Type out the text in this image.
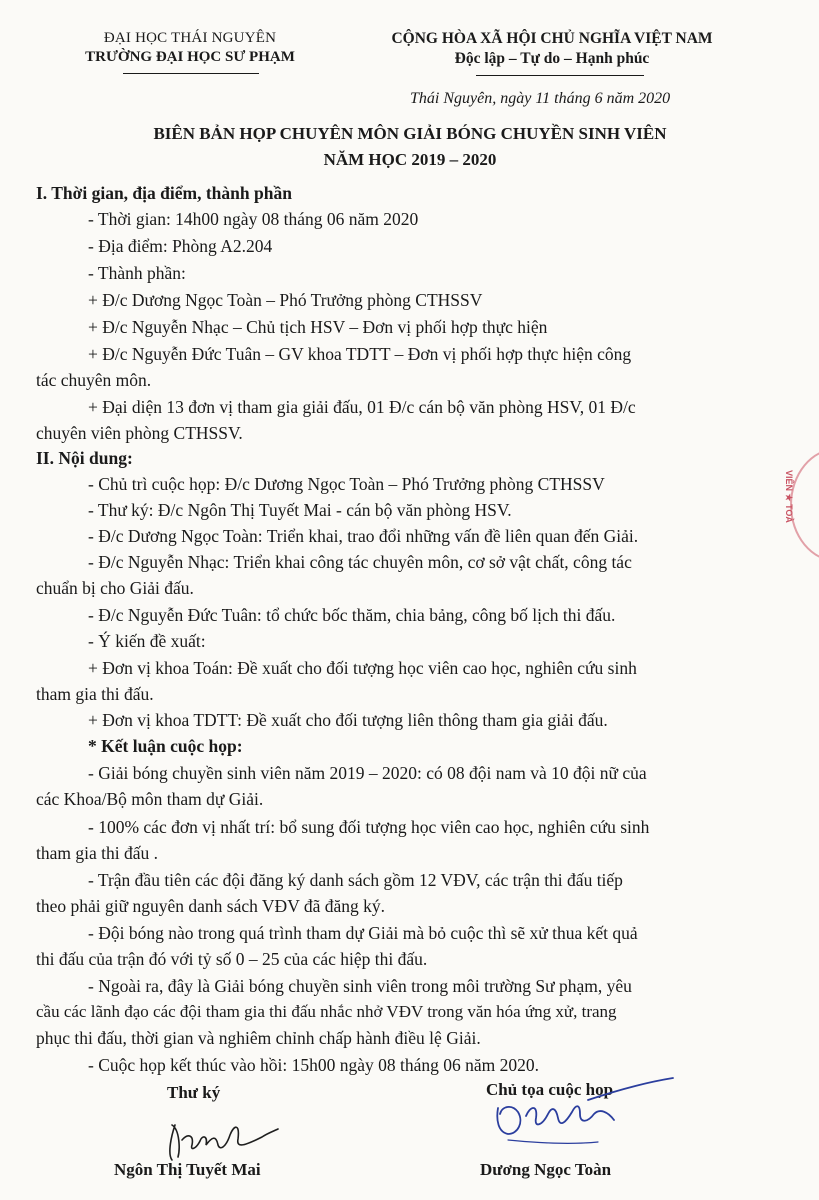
ĐẠI HỌC THÁI NGUYÊN
TRƯỜNG ĐẠI HỌC SƯ PHẠM
CỘNG HÒA XÃ HỘI CHỦ NGHĨA VIỆT NAM
Độc lập – Tự do – Hạnh phúc
Thái Nguyên, ngày 11 tháng 6 năm 2020
BIÊN BẢN HỌP CHUYÊN MÔN GIẢI BÓNG CHUYỀN SINH VIÊN
NĂM HỌC 2019 – 2020
I. Thời gian, địa điểm, thành phần
- Thời gian: 14h00 ngày 08 tháng 06 năm 2020
- Địa điểm: Phòng A2.204
- Thành phần:
+ Đ/c Dương Ngọc Toàn – Phó Trưởng phòng CTHSSV
+ Đ/c Nguyễn Nhạc – Chủ tịch HSV – Đơn vị phối hợp thực hiện
+ Đ/c Nguyễn Đức Tuân – GV khoa TDTT – Đơn vị phối hợp thực hiện công
tác chuyên môn.
+ Đại diện 13 đơn vị tham gia giải đấu, 01 Đ/c cán bộ văn phòng HSV, 01 Đ/c
chuyên viên phòng CTHSSV.
II. Nội dung:
- Chủ trì cuộc họp: Đ/c Dương Ngọc Toàn – Phó Trưởng phòng CTHSSV
- Thư ký: Đ/c Ngôn Thị Tuyết Mai - cán bộ văn phòng HSV.
- Đ/c Dương Ngọc Toàn: Triển khai, trao đổi những vấn đề liên quan đến Giải.
- Đ/c Nguyễn Nhạc: Triển khai công tác chuyên môn, cơ sở vật chất, công tác
chuẩn bị cho Giải đấu.
- Đ/c Nguyễn Đức Tuân: tổ chức bốc thăm, chia bảng, công bố lịch thi đấu.
- Ý kiến đề xuất:
+ Đơn vị khoa Toán: Đề xuất cho đối tượng học viên cao học, nghiên cứu sinh
tham gia thi đấu.
+ Đơn vị khoa TDTT: Đề xuất cho đối tượng liên thông tham gia giải đấu.
* Kết luận cuộc họp:
- Giải bóng chuyền sinh viên năm 2019 – 2020: có 08 đội nam và 10 đội nữ của
các Khoa/Bộ môn tham dự Giải.
- 100% các đơn vị nhất trí: bổ sung đối tượng học viên cao học, nghiên cứu sinh
tham gia thi đấu .
- Trận đầu tiên các đội đăng ký danh sách gồm 12 VĐV, các trận thi đấu tiếp
theo phải giữ nguyên danh sách VĐV đã đăng ký.
- Đội bóng nào trong quá trình tham dự Giải mà bỏ cuộc thì sẽ xử thua kết quả
thi đấu của trận đó với tỷ số 0 – 25 của các hiệp thi đấu.
- Ngoài ra, đây là Giải bóng chuyền sinh viên trong môi trường Sư phạm, yêu
cầu các lãnh đạo các đội tham gia thi đấu nhắc nhở VĐV trong văn hóa ứng xử, trang
phục thi đấu, thời gian và nghiêm chỉnh chấp hành điều lệ Giải.
- Cuộc họp kết thúc vào hồi: 15h00 ngày 08 tháng 06 năm 2020.
VIÊN ★ TOÀ
Thư ký	Chủ tọa cuộc họp
Ngôn Thị Tuyết Mai	Dương Ngọc Toàn
